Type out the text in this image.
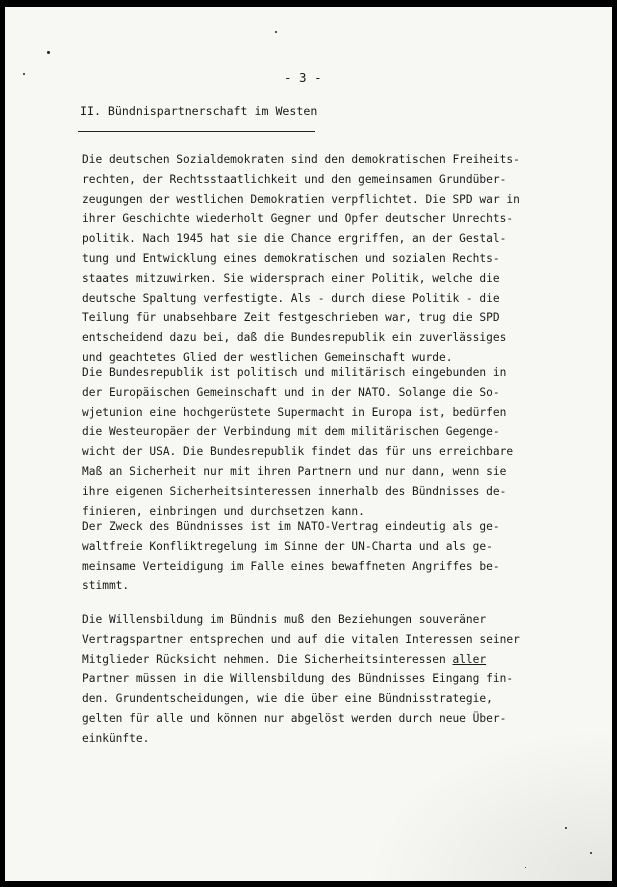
- 3 -
II. Bündnispartnerschaft im Westen
Die deutschen Sozialdemokraten sind den demokratischen Freiheits-
rechten, der Rechtsstaatlichkeit und den gemeinsamen Grundüber-
zeugungen der westlichen Demokratien verpflichtet. Die SPD war in
ihrer Geschichte wiederholt Gegner und Opfer deutscher Unrechts-
politik. Nach 1945 hat sie die Chance ergriffen, an der Gestal-
tung und Entwicklung eines demokratischen und sozialen Rechts-
staates mitzuwirken. Sie widersprach einer Politik, welche die
deutsche Spaltung verfestigte. Als - durch diese Politik - die
Teilung für unabsehbare Zeit festgeschrieben war, trug die SPD
entscheidend dazu bei, daß die Bundesrepublik ein zuverlässiges
und geachtetes Glied der westlichen Gemeinschaft wurde.
Die Bundesrepublik ist politisch und militärisch eingebunden in
der Europäischen Gemeinschaft und in der NATO. Solange die So-
wjetunion eine hochgerüstete Supermacht in Europa ist, bedürfen
die Westeuropäer der Verbindung mit dem militärischen Gegenge-
wicht der USA. Die Bundesrepublik findet das für uns erreichbare
Maß an Sicherheit nur mit ihren Partnern und nur dann, wenn sie
ihre eigenen Sicherheitsinteressen innerhalb des Bündnisses de-
finieren, einbringen und durchsetzen kann.
Der Zweck des Bündnisses ist im NATO-Vertrag eindeutig als ge-
waltfreie Konfliktregelung im Sinne der UN-Charta und als ge-
meinsame Verteidigung im Falle eines bewaffneten Angriffes be-
stimmt.
Die Willensbildung im Bündnis muß den Beziehungen souveräner
Vertragspartner entsprechen und auf die vitalen Interessen seiner
Mitglieder Rücksicht nehmen. Die Sicherheitsinteressen aller
Partner müssen in die Willensbildung des Bündnisses Eingang fin-
den. Grundentscheidungen, wie die über eine Bündnisstrategie,
gelten für alle und können nur abgelöst werden durch neue Über-
einkünfte.
